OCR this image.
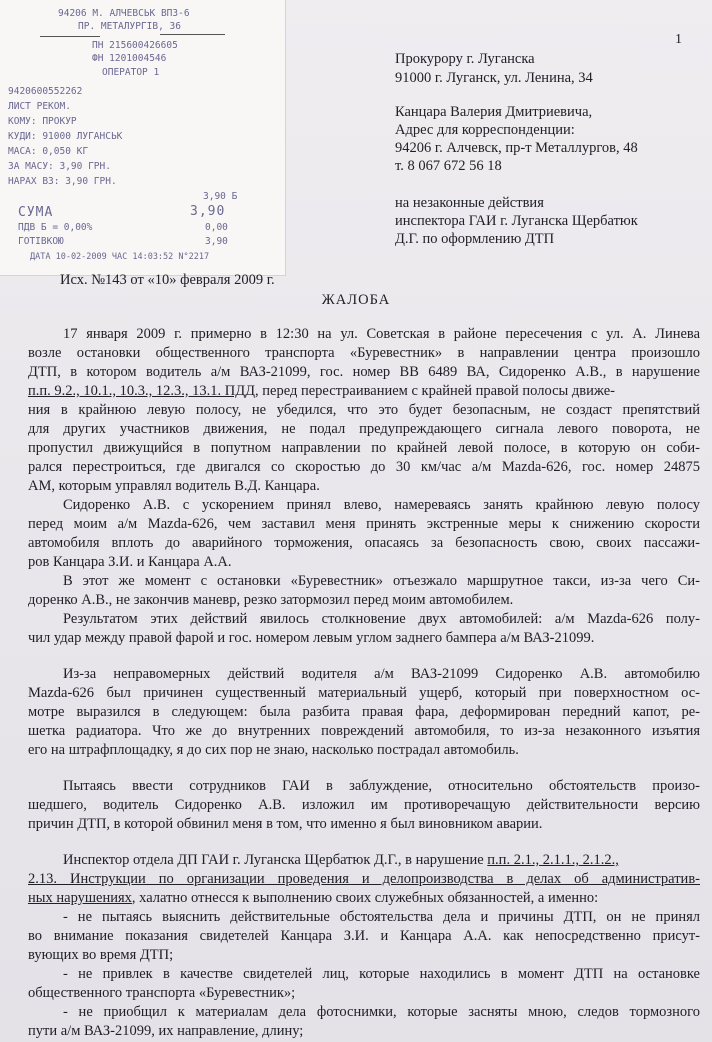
94206 М. АЛЧЕВСЬК ВПЗ-6
ПР. МЕТАЛУРГІВ, 36
ПН 215600426605
ФН 1201004546
ОПЕРАТОР 1
9420600552262
ЛИСТ РЕКОМ.
КОМУ: ПРОКУР
КУДИ: 91000 ЛУГАНСЬК
МАСА: 0,050 КГ
ЗА МАСУ: 3,90 ГРН.
НАРАХ ВЗ: 3,90 ГРН.
3,90 Б
СУМА	3,90
ПДВ Б = 0,00%	0,00
ГОТІВКОЮ	3,90
ДАТА 10-02-2009 ЧАС 14:03:52 N°2217
1
Прокурору г. Луганска
91000 г. Луганск, ул. Ленина, 34
Канцара Валерия Дмитриевича,
Адрес для корреспонденции:
94206 г. Алчевск, пр-т Металлургов, 48
т. 8 067 672 56 18
на незаконные действия
инспектора ГАИ г. Луганска Щербатюк
Д.Г. по оформлению ДТП
Исх. №143 от «10» февраля 2009 г.
ЖАЛОБА
17 января 2009 г. примерно в 12:30 на ул. Советская в районе пересечения с ул. А. Линева
возле остановки общественного транспорта «Буревестник» в направлении центра произошло
ДТП, в котором водитель а/м ВАЗ-21099, гос. номер ВВ 6489 ВА, Сидоренко А.В., в нарушение
п.п. 9.2., 10.1., 10.3., 12.3., 13.1. ПДД, перед перестраиванием с крайней правой полосы движе-
ния в крайнюю левую полосу, не убедился, что это будет безопасным, не создаст препятствий
для других участников движения, не подал предупреждающего сигнала левого поворота, не
пропустил движущийся в попутном направлении по крайней левой полосе, в которую он соби-
рался перестроиться, где двигался со скоростью до 30 км/час а/м Mazda-626, гос. номер 24875
АМ, которым управлял водитель В.Д. Канцара.
Сидоренко А.В. с ускорением принял влево, намереваясь занять крайнюю левую полосу
перед моим а/м Mazda-626, чем заставил меня принять экстренные меры к снижению скорости
автомобиля вплоть до аварийного торможения, опасаясь за безопасность свою, своих пассажи-
ров Канцара З.И. и Канцара А.А.
В этот же момент с остановки «Буревестник» отъезжало маршрутное такси, из-за чего Си-
доренко А.В., не закончив маневр, резко затормозил перед моим автомобилем.
Результатом этих действий явилось столкновение двух автомобилей: а/м Mazda-626 полу-
чил удар между правой фарой и гос. номером левым углом заднего бампера а/м ВАЗ-21099.
Из-за неправомерных действий водителя а/м ВАЗ-21099 Сидоренко А.В. автомобилю
Mazda-626 был причинен существенный материальный ущерб, который при поверхностном ос-
мотре выразился в следующем: была разбита правая фара, деформирован передний капот, ре-
шетка радиатора. Что же до внутренних повреждений автомобиля, то из-за незаконного изъятия
его на штрафплощадку, я до сих пор не знаю, насколько пострадал автомобиль.
Пытаясь ввести сотрудников ГАИ в заблуждение, относительно обстоятельств произо-
шедшего, водитель Сидоренко А.В. изложил им противоречащую действительности версию
причин ДТП, в которой обвинил меня в том, что именно я был виновником аварии.
Инспектор отдела ДП ГАИ г. Луганска Щербатюк Д.Г., в нарушение п.п. 2.1., 2.1.1., 2.1.2.,
2.13. Инструкции по организации проведения и делопроизводства в делах об административ-
ных нарушениях, халатно отнесся к выполнению своих служебных обязанностей, а именно:
- не пытаясь выяснить действительные обстоятельства дела и причины ДТП, он не принял
во внимание показания свидетелей Канцара З.И. и Канцара А.А. как непосредственно присут-
вующих во время ДТП;
- не привлек в качестве свидетелей лиц, которые находились в момент ДТП на остановке
общественного транспорта «Буревестник»;
- не приобщил к материалам дела фотоснимки, которые засняты мною, следов тормозного
пути а/м ВАЗ-21099, их направление, длину;
